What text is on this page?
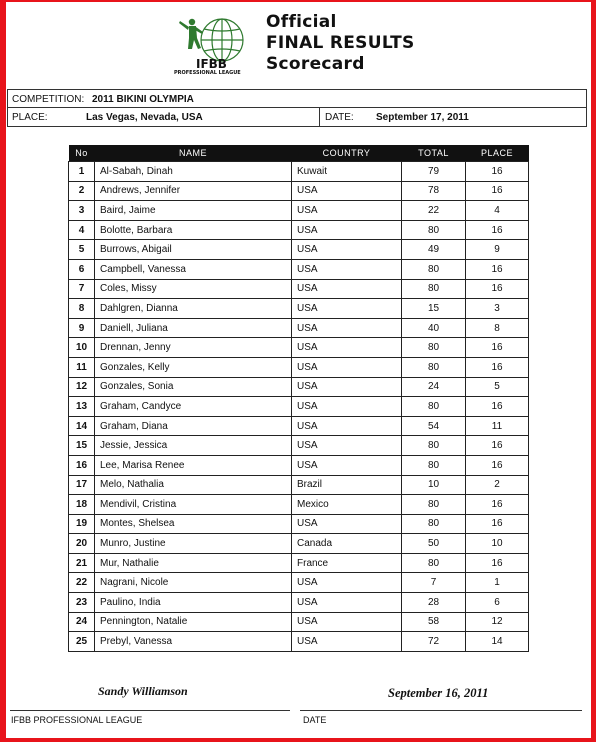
IFBB
PROFESSIONAL LEAGUE
Official
FINAL RESULTS
Scorecard
COMPETITION: 2011 BIKINI OLYMPIA
PLACE:	Las Vegas, Nevada, USA	DATE: September 17, 2011
No	NAME	COUNTRY	TOTAL	PLACE
1	Al-Sabah, Dinah	Kuwait	79	16
2	Andrews, Jennifer	USA	78	16
3	Baird, Jaime	USA	22	4
4	Bolotte, Barbara	USA	80	16
5	Burrows, Abigail	USA	49	9
6	Campbell, Vanessa	USA	80	16
7	Coles, Missy	USA	80	16
8	Dahlgren, Dianna	USA	15	3
9	Daniell, Juliana	USA	40	8
10	Drennan, Jenny	USA	80	16
11	Gonzales, Kelly	USA	80	16
12	Gonzales, Sonia	USA	24	5
13	Graham, Candyce	USA	80	16
14	Graham, Diana	USA	54	11
15	Jessie, Jessica	USA	80	16
16	Lee, Marisa Renee	USA	80	16
17	Melo, Nathalia	Brazil	10	2
18	Mendivil, Cristina	Mexico	80	16
19	Montes, Shelsea	USA	80	16
20	Munro, Justine	Canada	50	10
21	Mur, Nathalie	France	80	16
22	Nagrani, Nicole	USA	7	1
23	Paulino, India	USA	28	6
24	Pennington, Natalie	USA	58	12
25	Prebyl, Vanessa	USA	72	14
Sandy Williamson	September 16, 2011
IFBB PROFESSIONAL LEAGUE	DATE
